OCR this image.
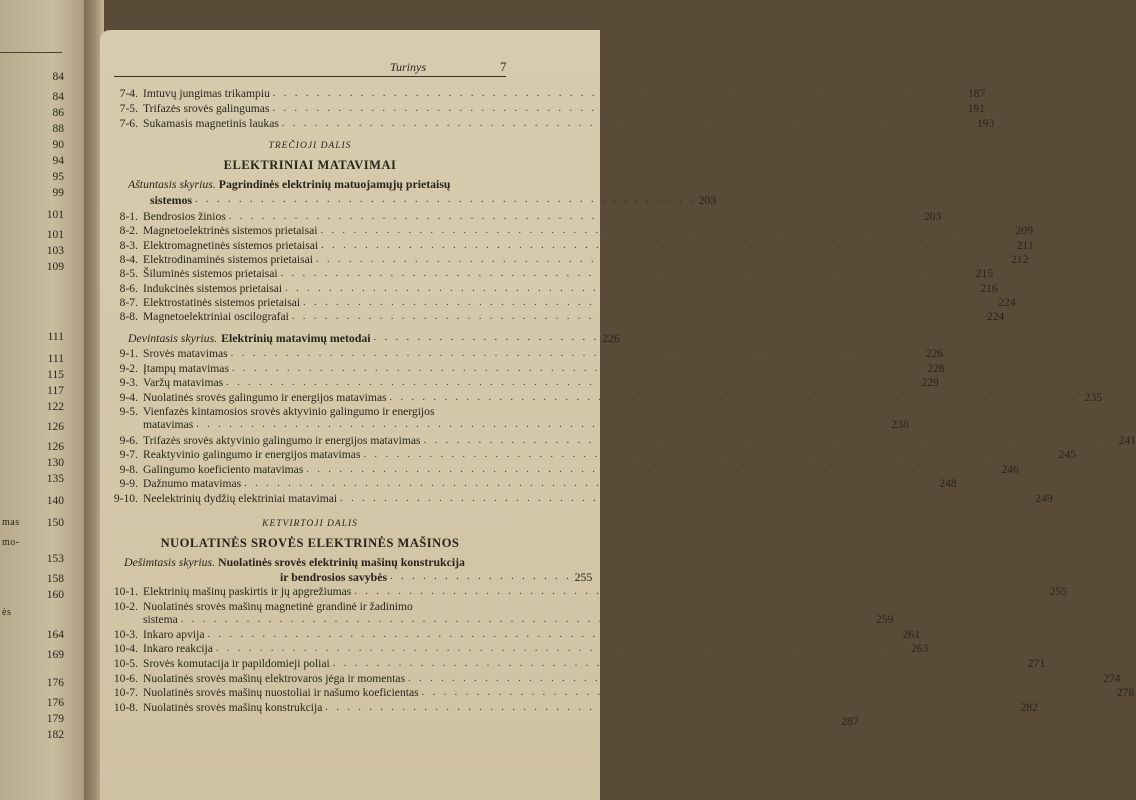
84
84
86
88
90
94
95
99
101
101
103
109
111
111
115
117
122
126
126
130
135
140
mas 150
mo-
153
158
160
ės
164
169
176
176
179
182
Turinys	7
7-4. Imtuvų jungimas trikampiu . . .	187
7-5. Trifazės srovės galingumas . . .	191
7-6. Sukamasis magnetinis laukas . . .	193
TREČIOJI DALIS
ELEKTRINIAI MATAVIMAI
Aštuntasis skyrius. Pagrindinės elektrinių matuojamųjų prietaisų
sistemos . . . . . . . . . . . . . . . . . . . . . . . . . . . . . . . . . . . . . . . . . . . . . . 203
8-1. Bendrosios žinios . . .	203
8-2. Magnetoelektrinės sistemos prietaisai . . .	209
8-3. Elektromagnetinės sistemos prietaisai . . .	211
8-4. Elektrodinaminės sistemos prietaisai . . .	212
8-5. Šiluminės sistemos prietaisai . . .	215
8-6. Indukcinės sistemos prietaisai . . .	216
8-7. Elektrostatinės sistemos prietaisai . . .	224
8-8. Magnetoelektriniai oscilografai . . .	224
Devintasis skyrius. Elektrinių matavimų metodai . . . . . . . . . . . . . . . . . . . . . 226
9-1. Srovės matavimas . . .	226
9-2. Įtampų matavimas . . .	228
9-3. Varžų matavimas . . .	229
9-4. Nuolatinės srovės galingumo ir energijos matavimas . . .	235
9-5. Vienfazės kintamosios srovės aktyvinio galingumo ir energijos
matavimas . . .	238
9-6. Trifazės srovės aktyvinio galingumo ir energijos matavimas . . .	241
9-7. Reaktyvinio galingumo ir energijos matavimas . . .	245
9-8. Galingumo koeficiento matavimas . . .	246
9-9. Dažnumo matavimas . . .	248
9-10. Neelektrinių dydžių elektriniai matavimai . . .	249
KETVIRTOJI DALIS
NUOLATINĖS SROVĖS ELEKTRINĖS MAŠINOS
Dešimtasis skyrius. Nuolatinės srovės elektrinių mašinų konstrukcija
ir bendrosios savybės . . . . . . . . . . . . . . . . . 255
10-1. Elektrinių mašinų paskirtis ir jų apgrežiumas . . .	255
10-2. Nuolatinės srovės mašinų magnetinė grandinė ir žadinimo
sistema . . .	259
10-3. Inkaro apvija . . .	261
10-4. Inkaro reakcija . . .	263
10-5. Srovės komutacija ir papildomieji poliai . . .	271
10-6. Nuolatinės srovės mašinų elektrovaros jėga ir momentas . . .	274
10-7. Nuolatinės srovės mašinų nuostoliai ir našumo koeficientas . . .	278
10-8. Nuolatinės srovės mašinų konstrukcija . . .	282
287
